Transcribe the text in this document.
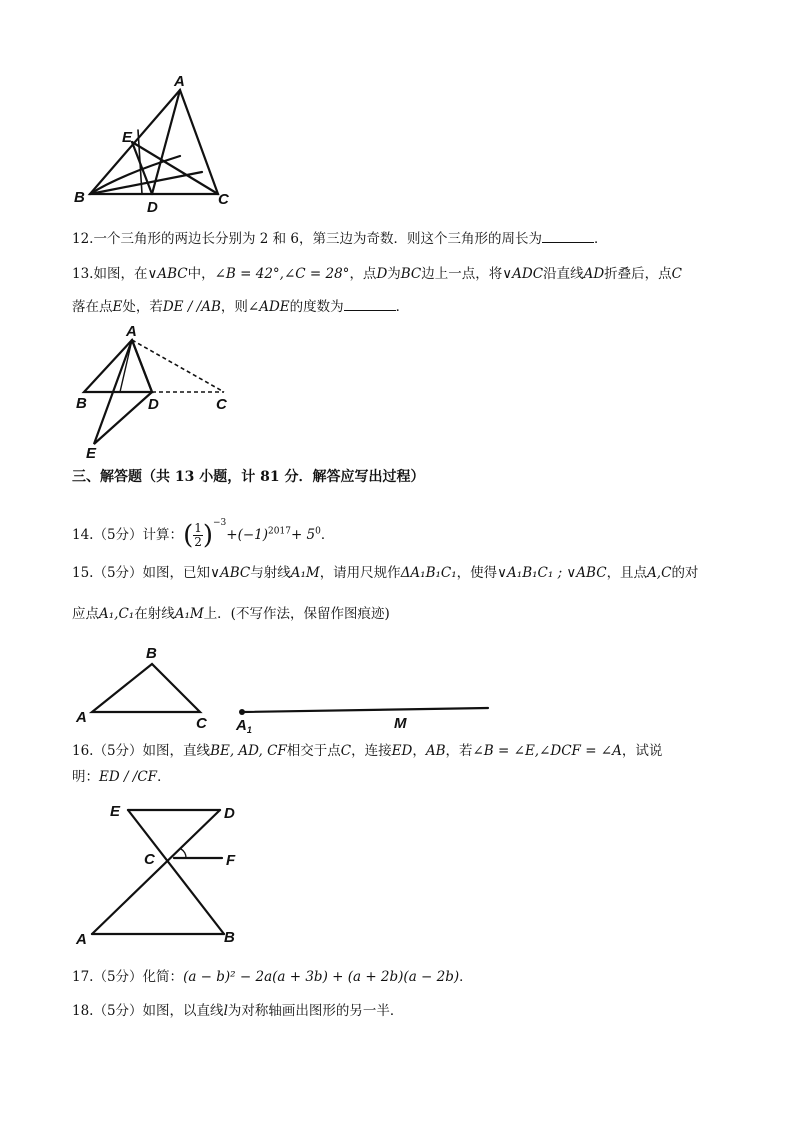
A
E
B
D	C
12.一个三角形的两边长分别为 2 和 6，第三边为奇数．则这个三角形的周长为	．
13.如图，在∨ABC中，∠B = 42°,∠C = 28°，点D为BC边上一点，将∨ADC沿直线AD折叠后，点C
落在点E处，若DE / /AB，则∠ADE的度数为	．
A
B	D	C
E
三、解答题（共 13 小题，计 81 分．解答应写出过程）
14.（5分）计算：( $\frac{1}{2} )^{-3}+(-1)^{2017}+ 5^0$．
15.（5分）如图，已知∨ABC与射线A₁M，请用尺规作ΔA₁B₁C₁，使得∨A₁B₁C₁ ; ∨ABC，且点A,C的对
应点A₁,C₁在射线A₁M上．(不写作法，保留作图痕迹)
B
A	C $A_1$	M
16.（5分）如图，直线BE, AD, CF相交于点C，连接ED，AB，若∠B = ∠E,∠DCF = ∠A，试说
明：ED / /CF．
E	D
C	F
A	B
17.（5分）化简：(a − b)² − 2a(a + 3b) + (a + 2b)(a − 2b)．
18.（5分）如图，以直线l为对称轴画出图形的另一半．
